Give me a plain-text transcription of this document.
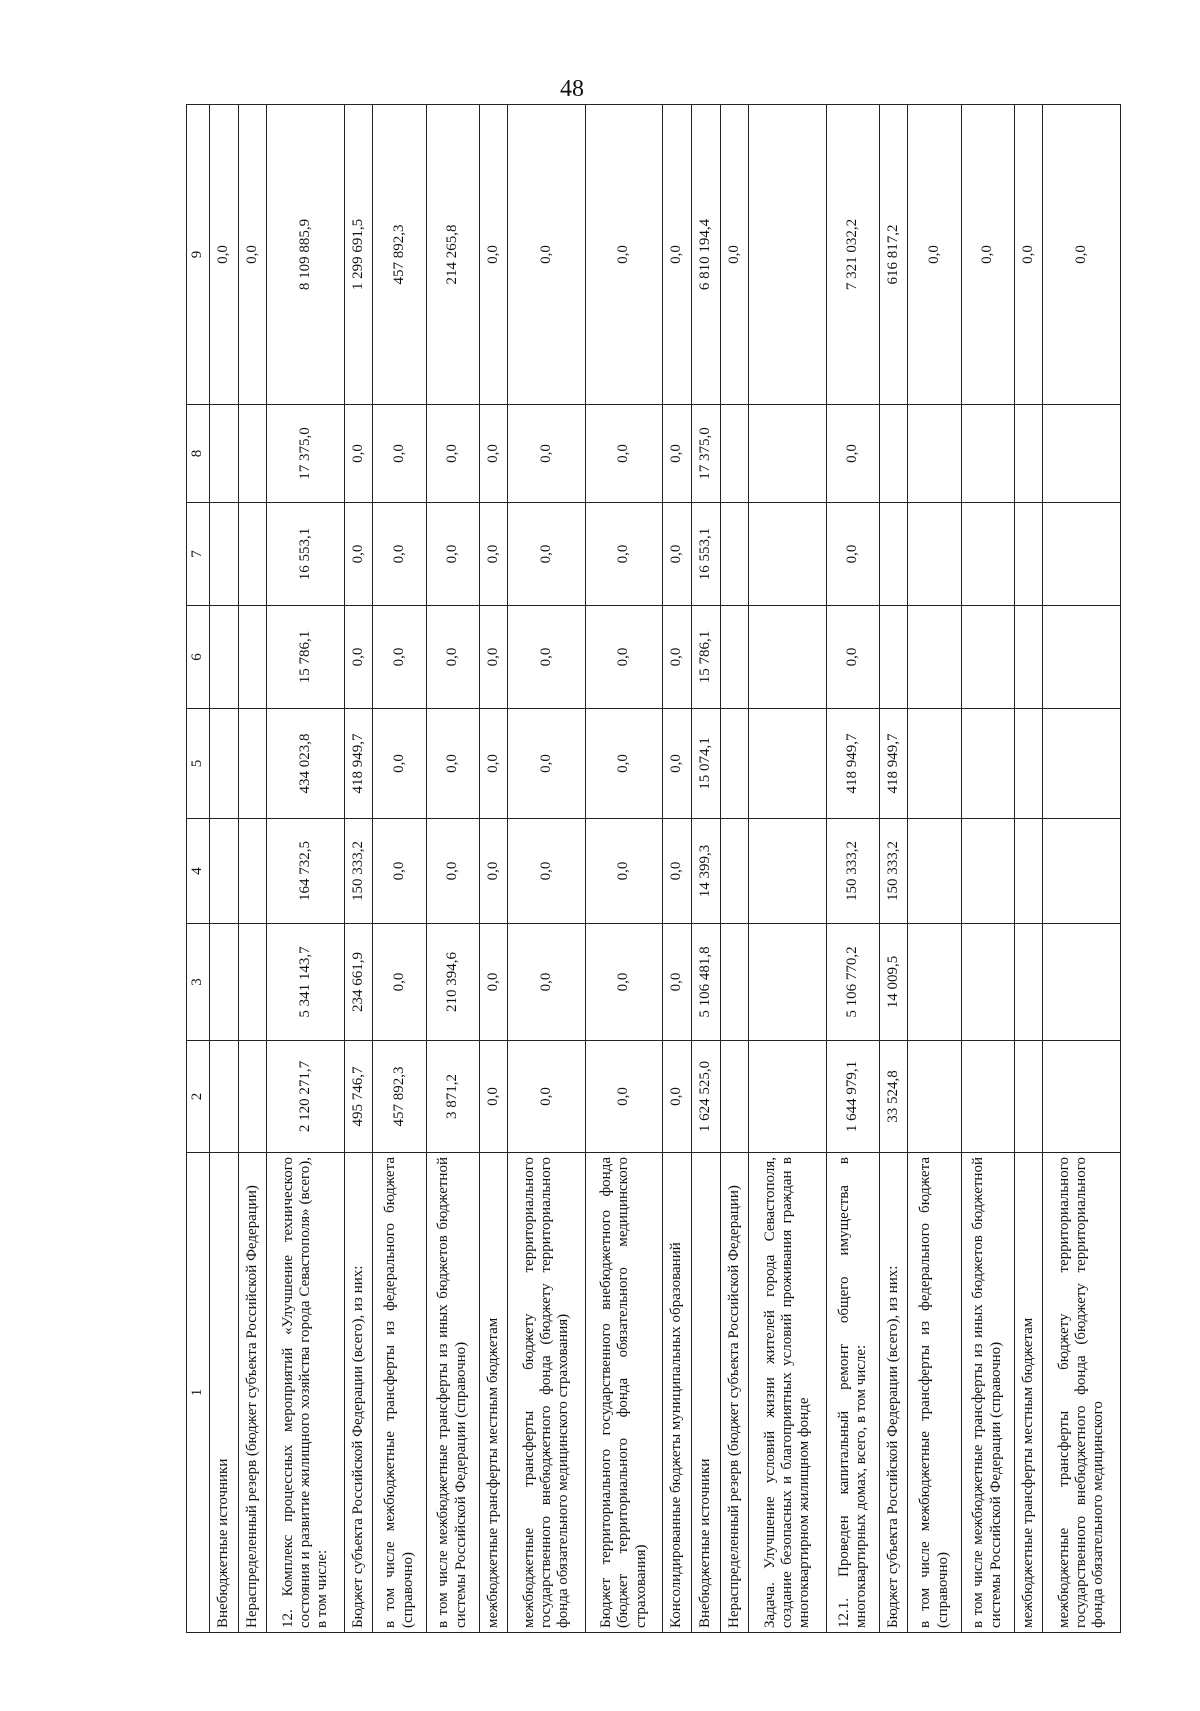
48
1	2	3	4	5	6	7	8	9
Внебюджетные источники								0,0
Нераспределенный резерв (бюджет субъекта Российской Федерации)								0,0
12. Комплекс процессных мероприятий «Улучшение технического состояния и развитие жилищного хозяйства города Севастополя» (всего), в том числе:	2 120 271,7	5 341 143,7	164 732,5	434 023,8	15 786,1	16 553,1	17 375,0	8 109 885,9
Бюджет субъекта Российской Федерации (всего), из них:	495 746,7	234 661,9	150 333,2	418 949,7	0,0	0,0	0,0	1 299 691,5
в том числе межбюджетные трансферты из федерального бюджета (справочно)	457 892,3	0,0	0,0	0,0	0,0	0,0	0,0	457 892,3
в том числе межбюджетные трансферты из иных бюджетов бюджетной системы Российской Федерации (справочно)	3 871,2	210 394,6	0,0	0,0	0,0	0,0	0,0	214 265,8
межбюджетные трансферты местным бюджетам	0,0	0,0	0,0	0,0	0,0	0,0	0,0	0,0
межбюджетные трансферты бюджету территориального государственного внебюджетного фонда (бюджету территориального фонда обязательного медицинского страхования)	0,0	0,0	0,0	0,0	0,0	0,0	0,0	0,0
Бюджет территориального государственного внебюджетного фонда (бюджет территориального фонда обязательного медицинского страхования)	0,0	0,0	0,0	0,0	0,0	0,0	0,0	0,0
Консолидированные бюджеты муниципальных образований	0,0	0,0	0,0	0,0	0,0	0,0	0,0	0,0
Внебюджетные источники	1 624 525,0	5 106 481,8	14 399,3	15 074,1	15 786,1	16 553,1	17 375,0	6 810 194,4
Нераспределенный резерв (бюджет субъекта Российской Федерации)								0,0
Задача. Улучшение условий жизни жителей города Севастополя, создание безопасных и благоприятных условий проживания граждан в многоквартирном жилищном фонде								
12.1. Проведен капитальный ремонт общего имущества в многоквартирных домах, всего, в том числе:	1 644 979,1	5 106 770,2	150 333,2	418 949,7	0,0	0,0	0,0	7 321 032,2
Бюджет субъекта Российской Федерации (всего), из них:	33 524,8	14 009,5	150 333,2	418 949,7				616 817,2
в том числе межбюджетные трансферты из федерального бюджета (справочно)								0,0
в том числе межбюджетные трансферты из иных бюджетов бюджетной системы Российской Федерации (справочно)								0,0
межбюджетные трансферты местным бюджетам								0,0
межбюджетные трансферты бюджету территориального государственного внебюджетного фонда (бюджету территориального фонда обязательного медицинского								0,0
